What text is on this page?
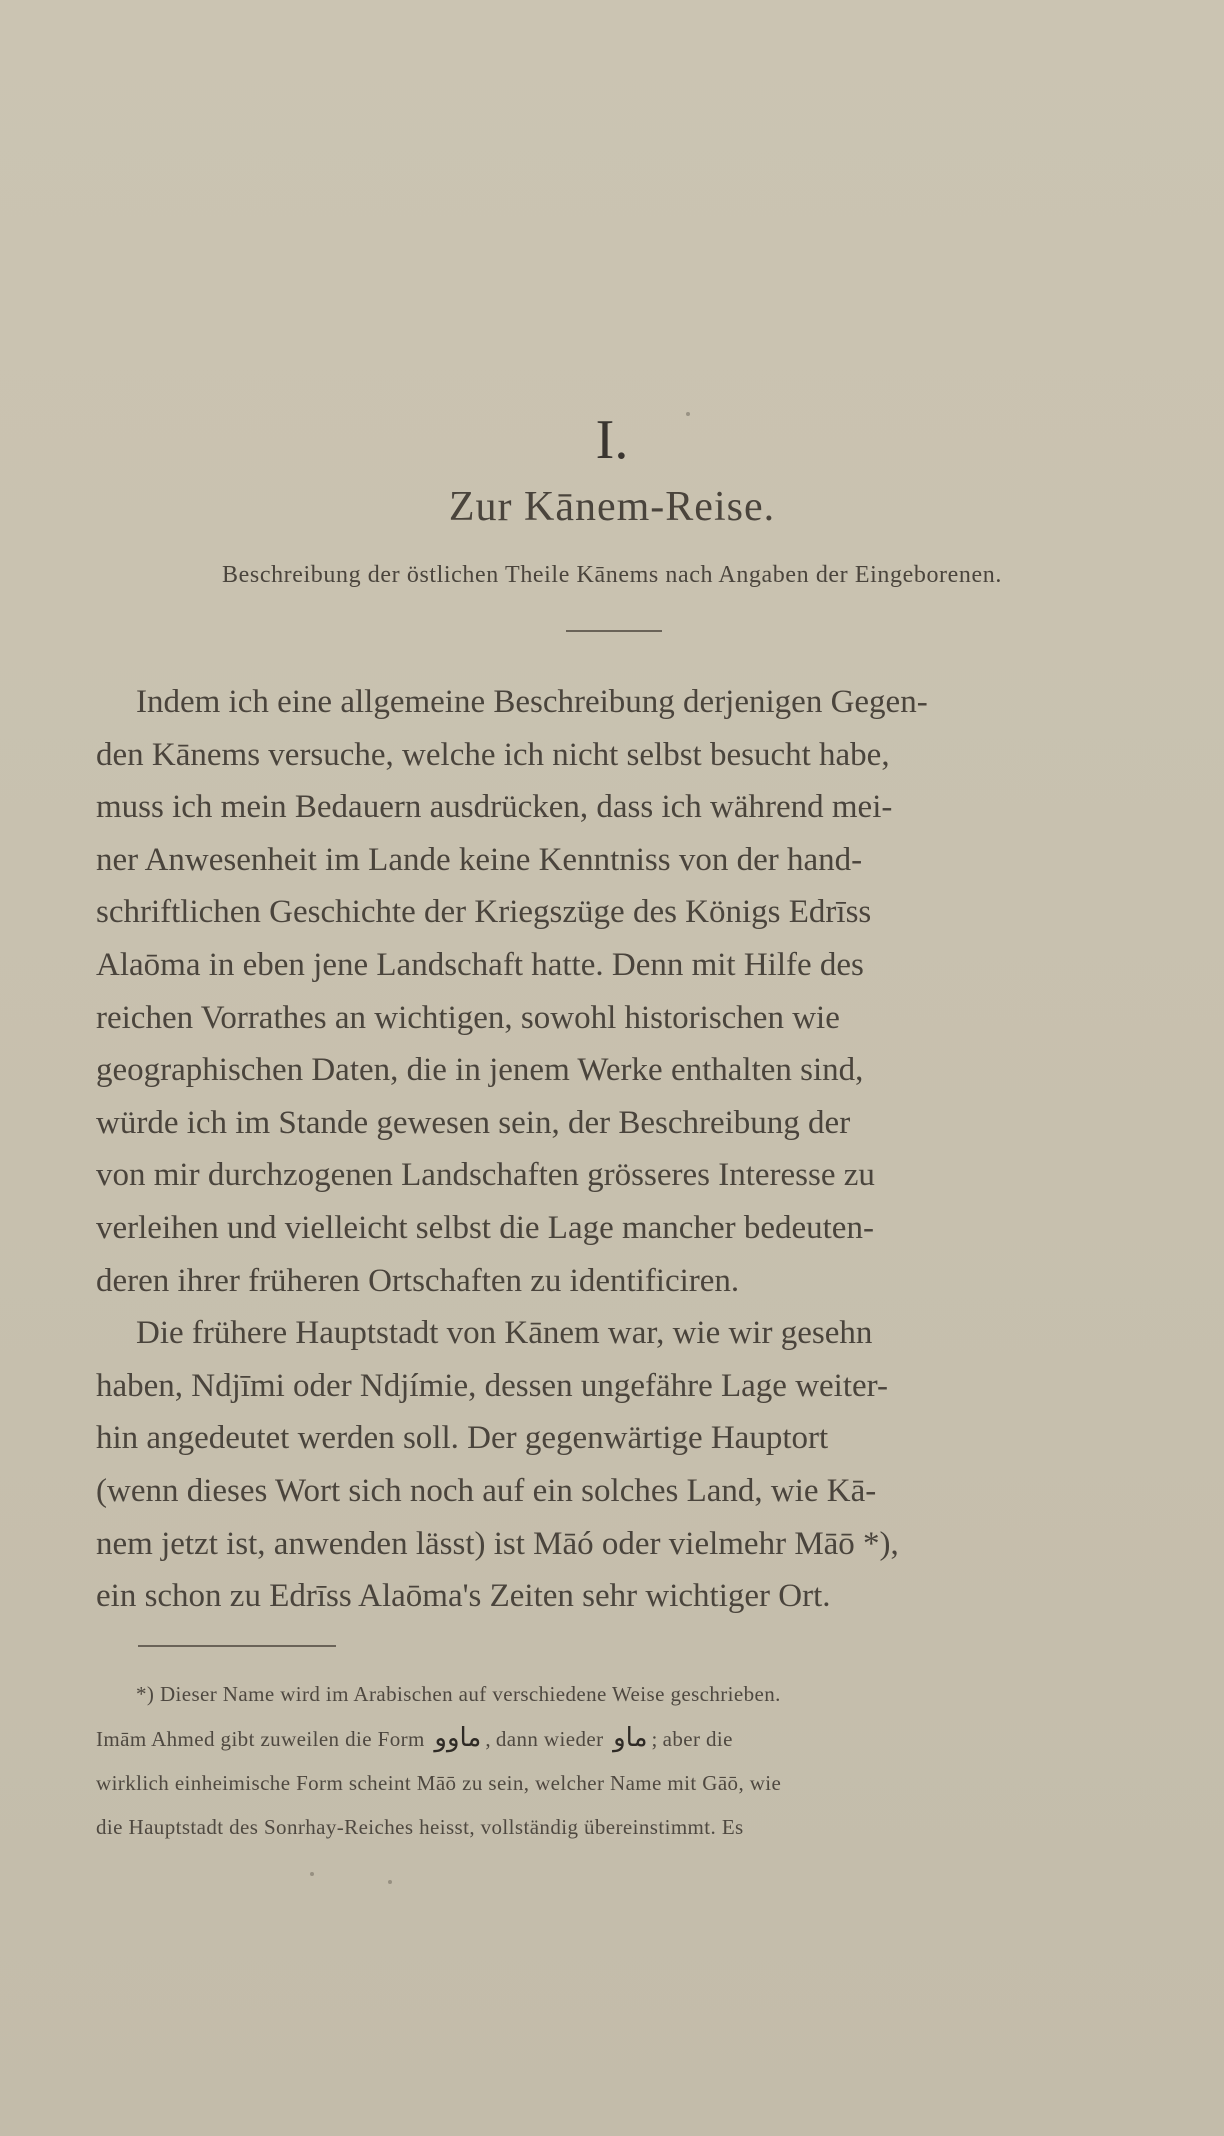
I.
Zur Kānem-Reise.
Beschreibung der östlichen Theile Kānems nach Angaben der Eingeborenen.
Indem ich eine allgemeine Beschreibung derjenigen Gegen-
den Kānems versuche, welche ich nicht selbst besucht habe,
muss ich mein Bedauern ausdrücken, dass ich während mei-
ner Anwesenheit im Lande keine Kenntniss von der hand-
schriftlichen Geschichte der Kriegszüge des Königs Edrīss
Alaōma in eben jene Landschaft hatte. Denn mit Hilfe des
reichen Vorrathes an wichtigen, sowohl historischen wie
geographischen Daten, die in jenem Werke enthalten sind,
würde ich im Stande gewesen sein, der Beschreibung der
von mir durchzogenen Landschaften grösseres Interesse zu
verleihen und vielleicht selbst die Lage mancher bedeuten-
deren ihrer früheren Ortschaften zu identificiren.
Die frühere Hauptstadt von Kānem war, wie wir gesehn
haben, Ndjīmi oder Ndjímie, dessen ungefähre Lage weiter-
hin angedeutet werden soll. Der gegenwärtige Hauptort
(wenn dieses Wort sich noch auf ein solches Land, wie Kā-
nem jetzt ist, anwenden lässt) ist Māó oder vielmehr Māō *),
ein schon zu Edrīss Alaōma's Zeiten sehr wichtiger Ort.
*) Dieser Name wird im Arabischen auf verschiedene Weise geschrieben.
Imām Ahmed gibt zuweilen die Form ماوو , dann wieder ماو ; aber die
wirklich einheimische Form scheint Māō zu sein, welcher Name mit Gāō, wie
die Hauptstadt des Sonrhay-Reiches heisst, vollständig übereinstimmt. Es
